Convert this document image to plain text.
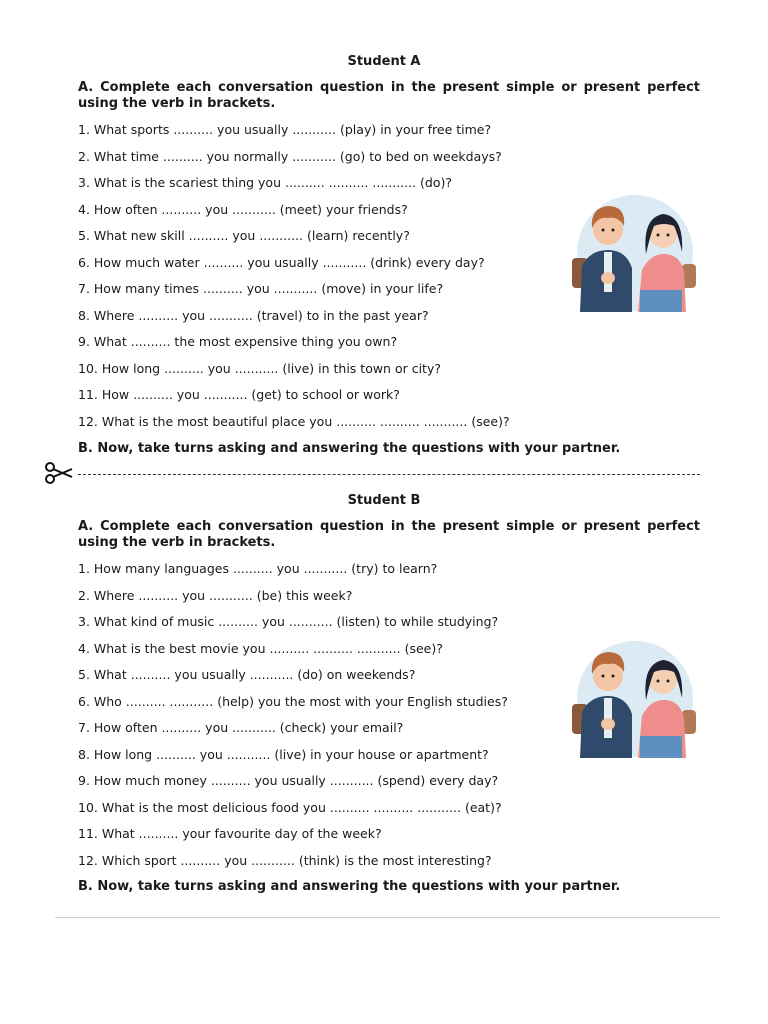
Student A
A. Complete each conversation question in the present simple or present perfect using the verb in brackets.
1. What sports .......... you usually ........... (play) in your free time?
2. What time .......... you normally ........... (go) to bed on weekdays?
3. What is the scariest thing you .......... .......... ........... (do)?
4. How often .......... you ........... (meet) your friends?
5. What new skill .......... you ........... (learn) recently?
6. How much water .......... you usually ........... (drink) every day?
7. How many times .......... you ........... (move) in your life?
8. Where .......... you ........... (travel) to in the past year?
9. What .......... the most expensive thing you own?
10. How long .......... you ........... (live) in this town or city?
11. How .......... you ........... (get) to school or work?
12. What is the most beautiful place you .......... .......... ........... (see)?
B. Now, take turns asking and answering the questions with your partner.
Student B
A. Complete each conversation question in the present simple or present perfect using the verb in brackets.
1. How many languages .......... you ........... (try) to learn?
2. Where .......... you ........... (be) this week?
3. What kind of music .......... you ........... (listen) to while studying?
4. What is the best movie you .......... .......... ........... (see)?
5. What .......... you usually ........... (do) on weekends?
6. Who .......... ........... (help) you the most with your English studies?
7. How often .......... you ........... (check) your email?
8. How long .......... you ........... (live) in your house or apartment?
9. How much money .......... you usually ........... (spend) every day?
10. What is the most delicious food you .......... .......... ........... (eat)?
11. What .......... your favourite day of the week?
12. Which sport .......... you ........... (think) is the most interesting?
B. Now, take turns asking and answering the questions with your partner.
